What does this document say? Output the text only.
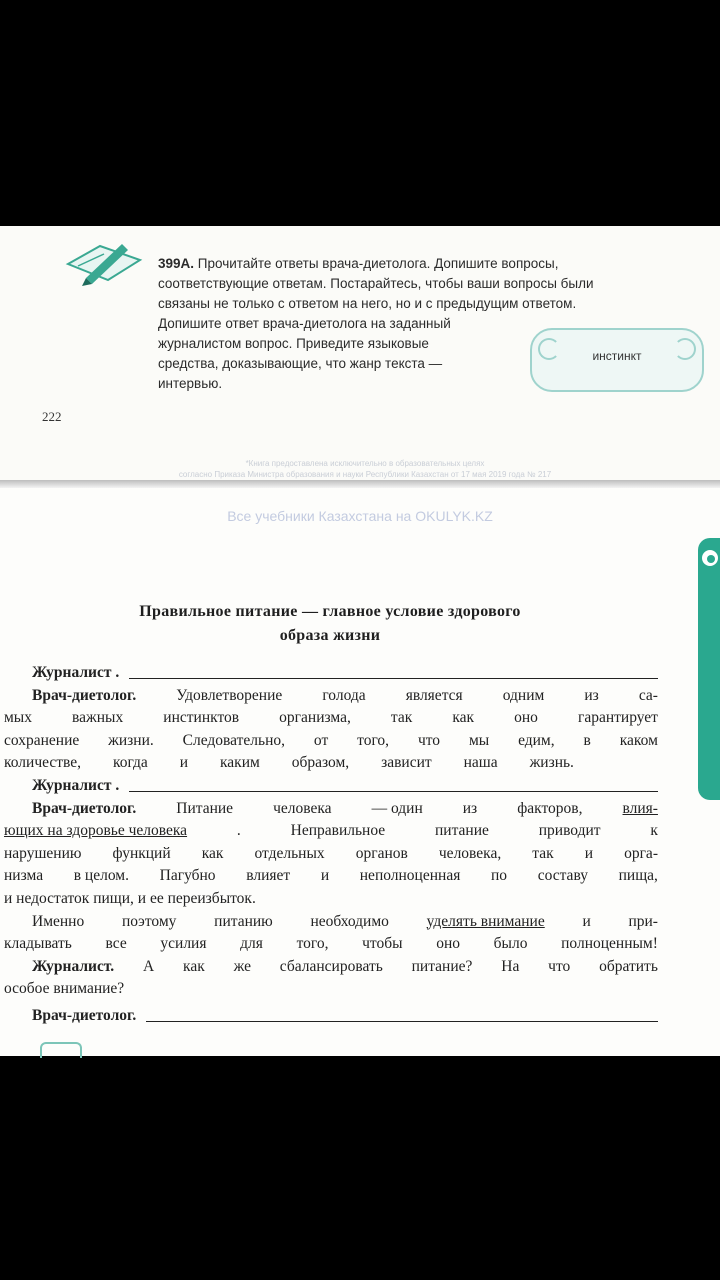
399А. Прочитайте ответы врача-диетолога. Допишите вопросы,
соответствующие ответам. Постарайтесь, чтобы ваши вопросы были
связаны не только с ответом на него, но и с предыдущим ответом.
Допишите ответ врача-диетолога на заданный
журналистом вопрос. Приведите языковые
средства, доказывающие, что жанр текста —
интервью.
инстинкт
222
*Книга предоставлена исключительно в образовательных целях
согласно Приказа Министра образования и науки Республики Казахстан от 17 мая 2019 года № 217
Все учебники Казахстана на OKULYK.KZ
Правильное питание — главное условие здорового
образа жизни
Журналист .
Врач-диетолог.	Удовлетворение	голода	является	одним	из	са-
мых	важных	инстинктов	организма,	так	как	оно	гарантирует
сохранение жизни. Следовательно, от того, что мы едим, в каком
количестве, когда и каким образом, зависит наша жизнь.
Журналист .
Врач-диетолог.	Питание	человека	— один	из	факторов,	влия-
ющих на здоровье человека	.	Неправильное	питание	приводит	к
нарушению функций как отдельных органов человека, так и орга-
низма в целом. Пагубно влияет и неполноценная по составу пища,
и недостаток пищи, и ее переизбыток.
Именно поэтому питанию необходимо уделять внимание и при-
кладывать все усилия для того, чтобы оно было полноценным!
Журналист. А как же сбалансировать питание? На что обратить
особое внимание?
Врач-диетолог.
